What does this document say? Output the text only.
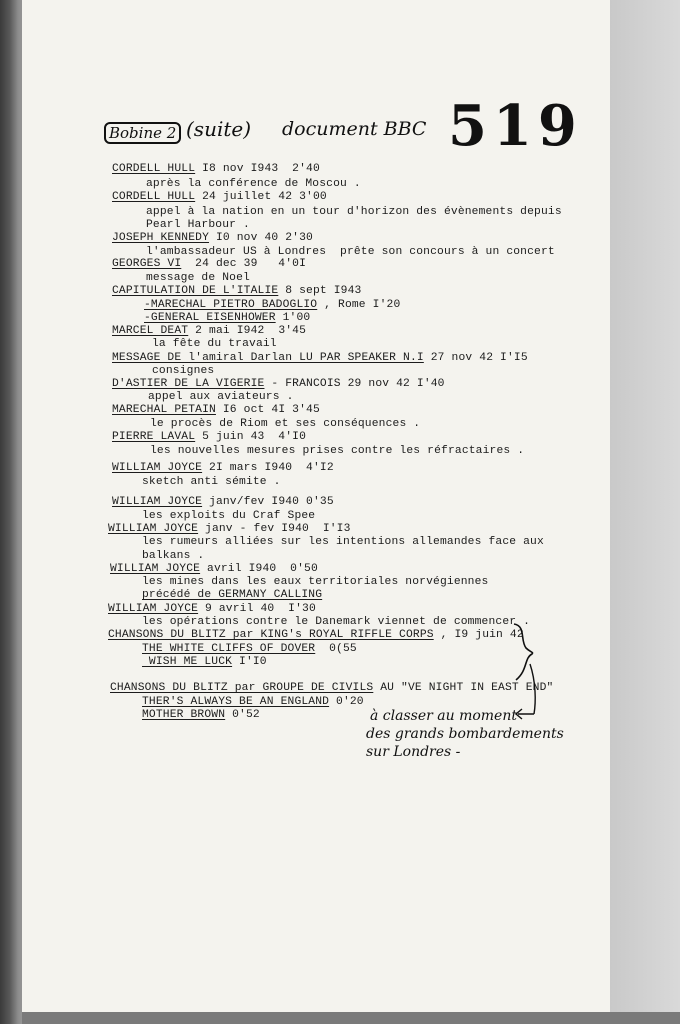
Bobine 2 (suite) document BBC 519
CORDELL HULL I8 nov I943  2'40
après la conférence de Moscou .
CORDELL HULL 24 juillet 42 3'00
appel à la nation en un tour d'horizon des évènements depuis
Pearl Harbour .
JOSEPH KENNEDY I0 nov 40 2'30
l'ambassadeur US à Londres  prête son concours à un concert
GEORGES VI  24 dec 39   4'0I
message de Noel
CAPITULATION DE L'ITALIE 8 sept I943
-MARECHAL PIETRO BADOGLIO , Rome I'20
-GENERAL EISENHOWER 1'00
MARCEL DEAT 2 mai I942  3'45
la fête du travail
MESSAGE DE l'amiral Darlan LU PAR SPEAKER N.I 27 nov 42 I'I5
consignes
D'ASTIER DE LA VIGERIE - FRANCOIS 29 nov 42 I'40
appel aux aviateurs .
MARECHAL PETAIN I6 oct 4I 3'45
le procès de Riom et ses conséquences .
PIERRE LAVAL 5 juin 43  4'I0
les nouvelles mesures prises contre les réfractaires .
WILLIAM JOYCE 2I mars I940  4'I2
sketch anti sémite .
WILLIAM JOYCE janv/fev I940 0'35
les exploits du Craf Spee
WILLIAM JOYCE janv - fev I940  I'I3
les rumeurs alliées sur les intentions allemandes face aux
balkans .
WILLIAM JOYCE avril I940  0'50
les mines dans les eaux territoriales norvégiennes
précédé de GERMANY CALLING
WILLIAM JOYCE 9 avril 40  I'30
les opérations contre le Danemark viennet de commencer .
CHANSONS DU BLITZ par KING's ROYAL RIFFLE CORPS , I9 juin 42
THE WHITE CLIFFS OF DOVER  0(55
WISH ME LUCK I'I0
CHANSONS DU BLITZ par GROUPE DE CIVILS AU "VE NIGHT IN EAST END"
THER'S ALWAYS BE AN ENGLAND 0'20
MOTHER BROWN 0'52	à classer au moment
des grands bombardements
sur Londres -
